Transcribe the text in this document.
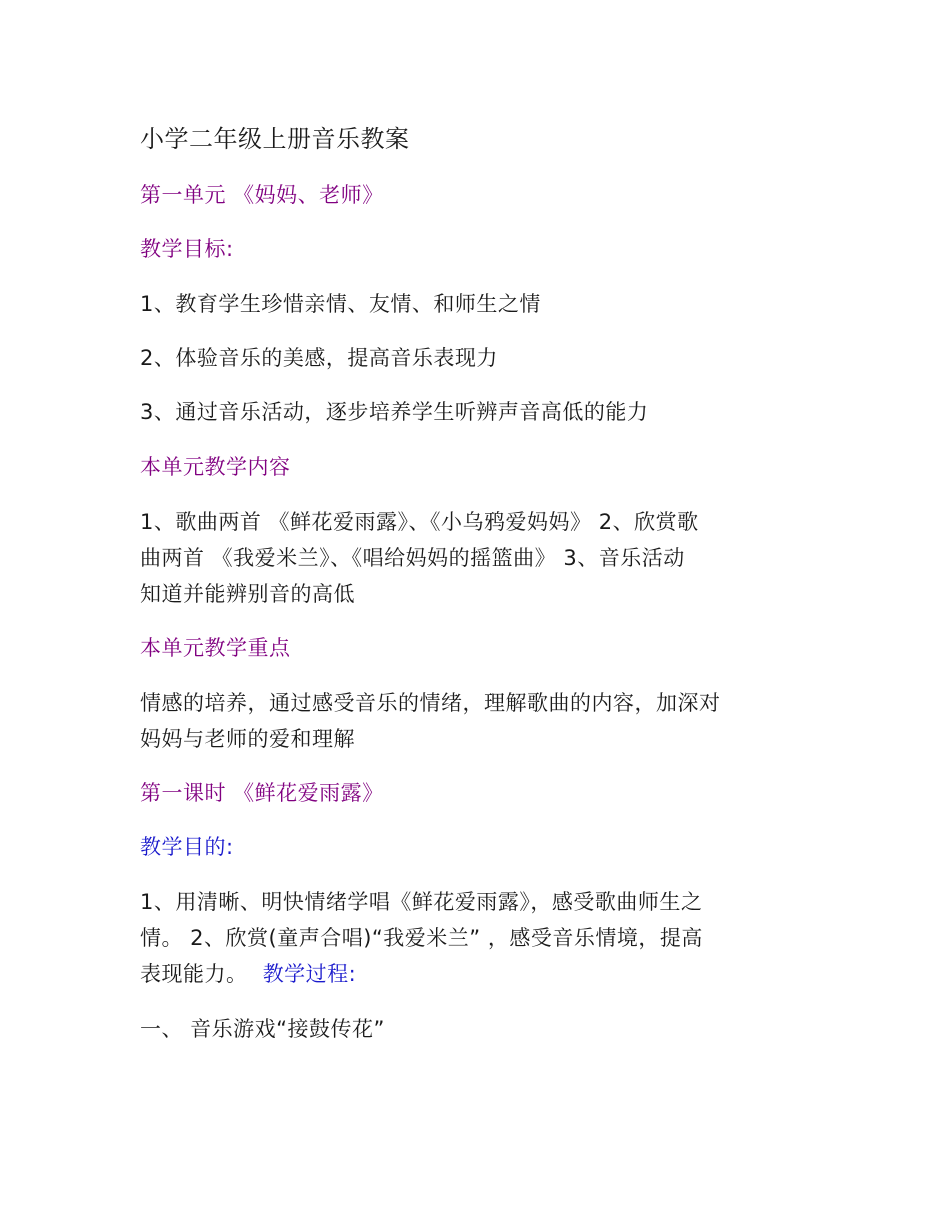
小学二年级上册音乐教案
第一单元 《妈妈、老师》
教学目标:
1、教育学生珍惜亲情、友情、和师生之情
2、体验音乐的美感，提高音乐表现力
3、通过音乐活动，逐步培养学生听辨声音高低的能力
本单元教学内容
1、歌曲两首 《鲜花爱雨露》、《小乌鸦爱妈妈》 2、欣赏歌
曲两首 《我爱米兰》、《唱给妈妈的摇篮曲》 3、音乐活动
知道并能辨别音的高低
本单元教学重点
情感的培养，通过感受音乐的情绪，理解歌曲的内容，加深对
妈妈与老师的爱和理解
第一课时 《鲜花爱雨露》
教学目的:
1、用清晰、明快情绪学唱《鲜花爱雨露》，感受歌曲师生之
情。 2、欣赏(童声合唱)“我爱米兰” ，感受音乐情境，提高
表现能力。 教学过程:
一、 音乐游戏“接鼓传花”
